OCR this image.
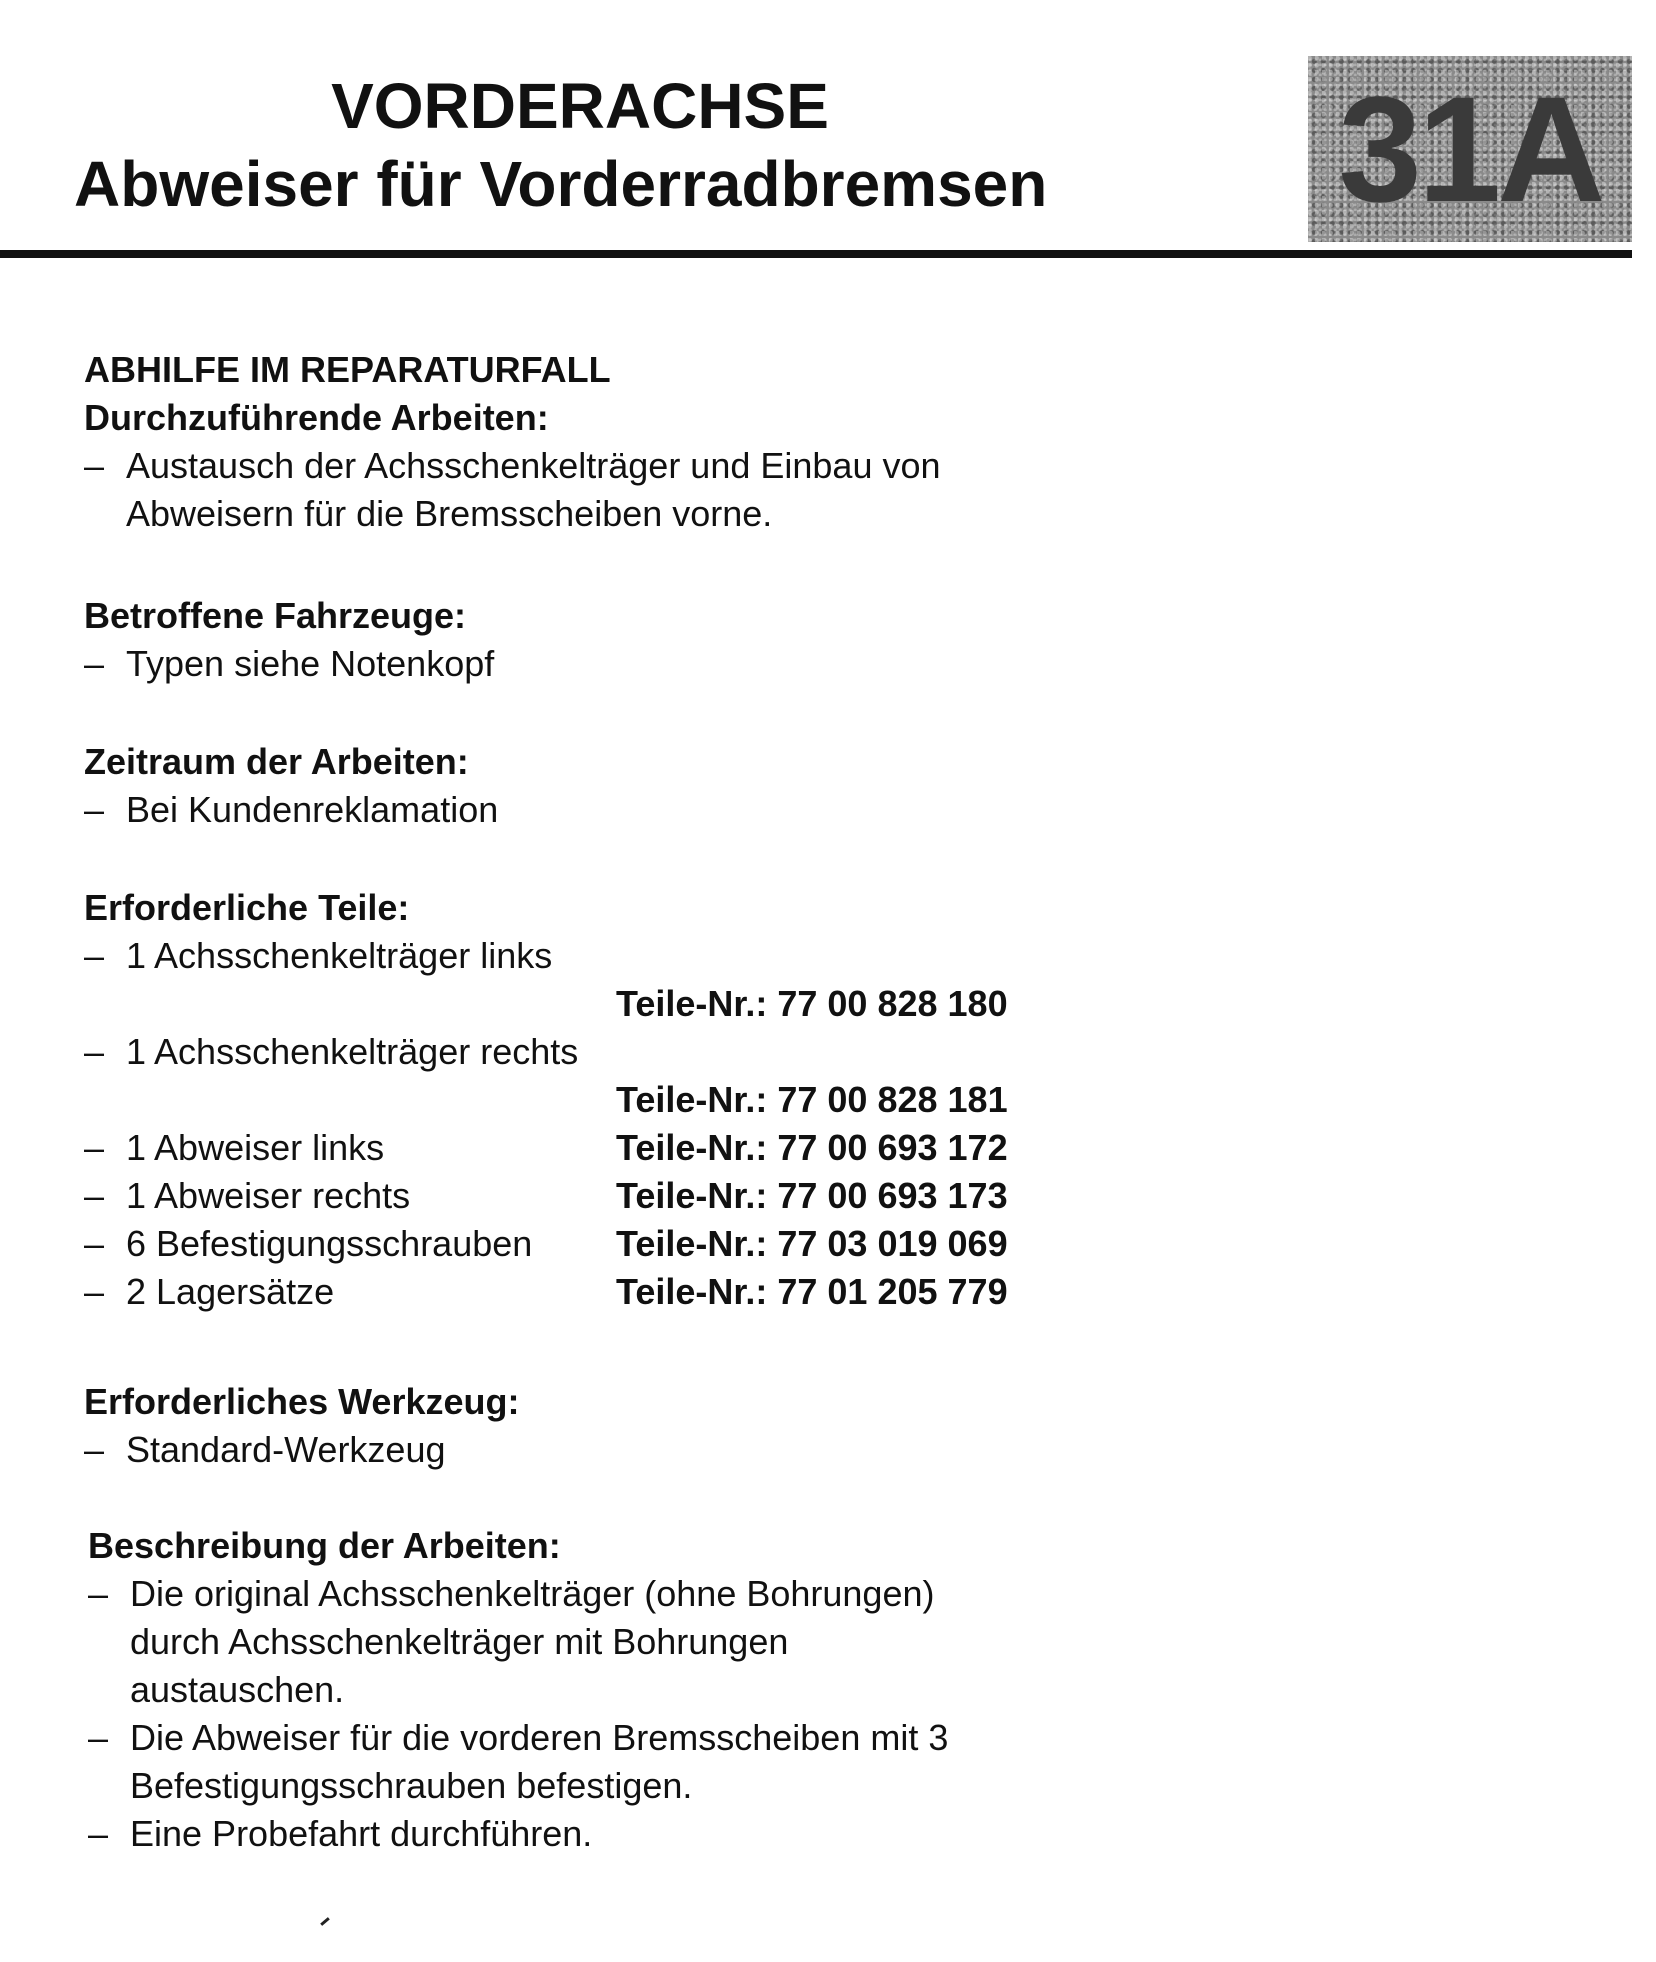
VORDERACHSE
Abweiser für Vorderradbremsen 31A

ABHILFE IM REPARATURFALL

Durchzuführende Arbeiten:

– Austausch der Achsschenkelträger und Einbau von

Abweisern für die Bremsscheiben vorne.

Betroffene Fahrzeuge:

– Typen siehe Notenkopf

Zeitraum der Arbeiten:

– Bei Kundenreklamation

Erforderliche Teile:

– 1 Achsschenkelträger links
Teile-Nr.: 77 00 828 180
– 1 Achsschenkelträger rechts
Teile-Nr.: 77 00 828 181
– 1 Abweiser links	Teile-Nr.: 77 00 693 172
– 1 Abweiser rechts	Teile-Nr.: 77 00 693 173
– 6 Befestigungsschrauben Teile-Nr.: 77 03 019 069
– 2 Lagersätze	Teile-Nr.: 77 01 205 779

Erforderliches Werkzeug:

– Standard-Werkzeug

Beschreibung der Arbeiten:

– Die original Achsschenkelträger (ohne Bohrungen)

durch Achsschenkelträger mit Bohrungen

austauschen.

– Die Abweiser für die vorderen Bremsscheiben mit 3

Befestigungsschrauben befestigen.

– Eine Probefahrt durchführen.
